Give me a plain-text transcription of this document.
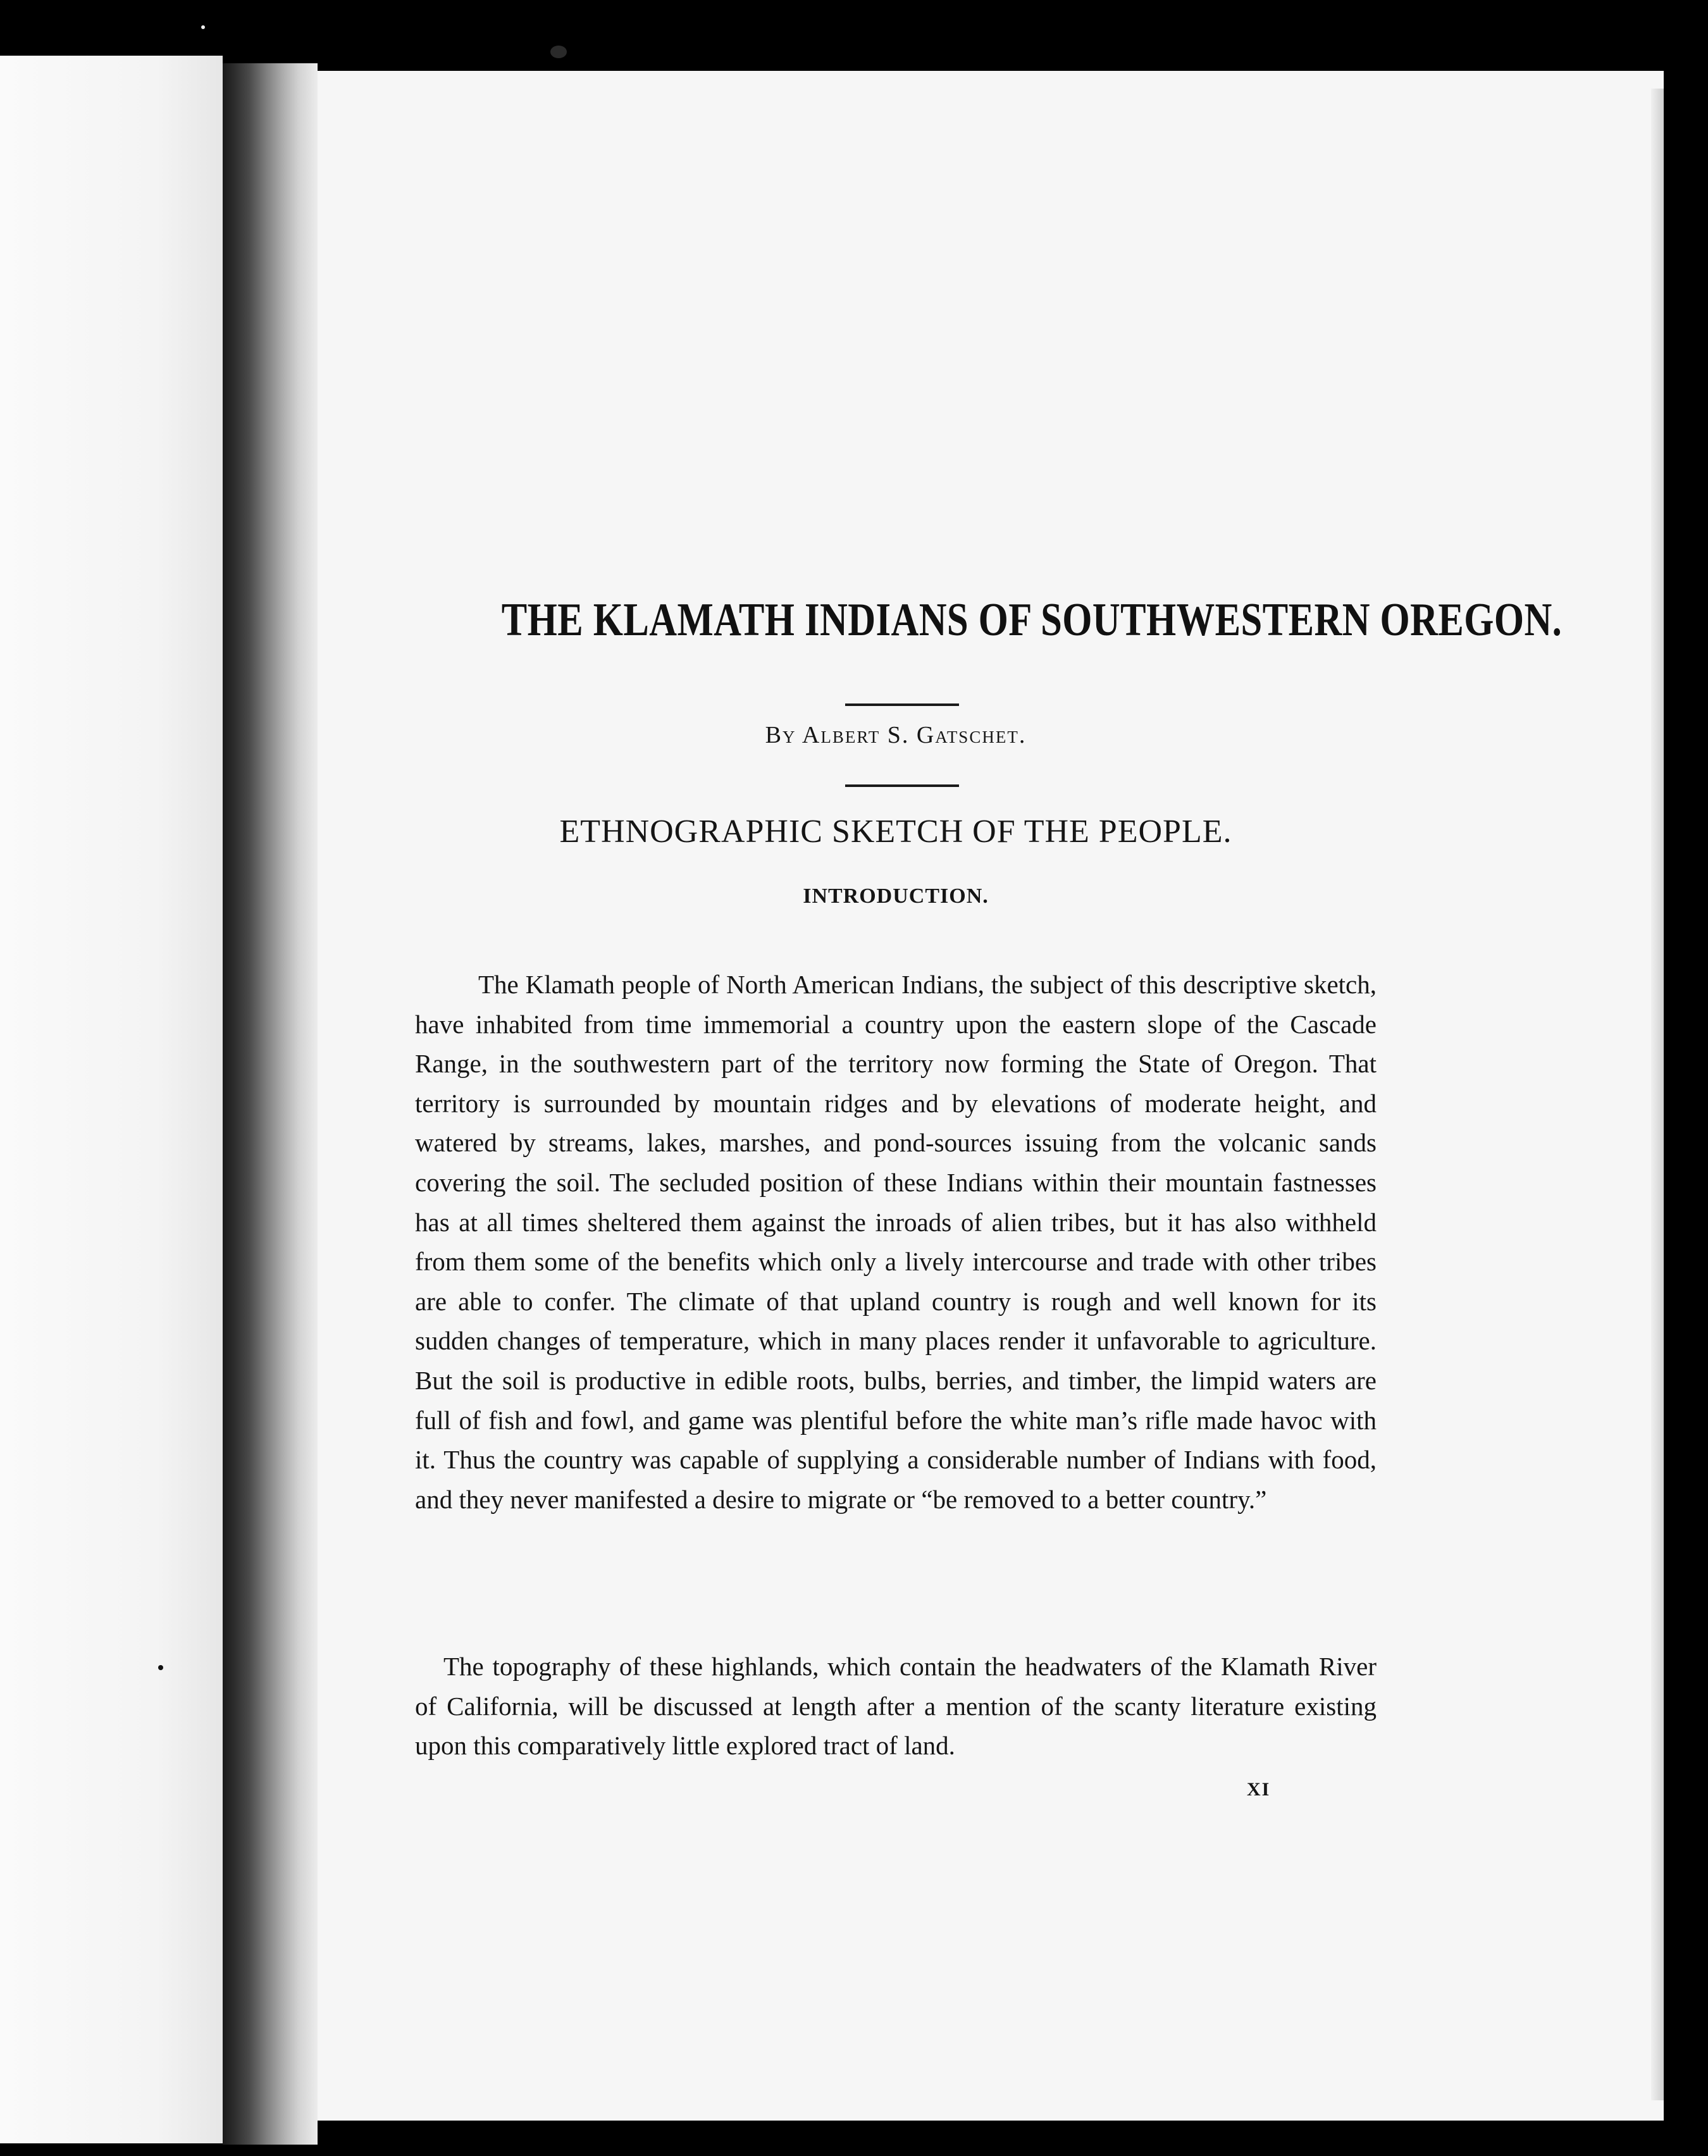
THE KLAMATH INDIANS OF SOUTHWESTERN OREGON.
By Albert S. Gatschet.
ETHNOGRAPHIC SKETCH OF THE PEOPLE.
INTRODUCTION.

The Klamath people of North American Indians, the subject of this descriptive sketch, have inhabited from time immemorial a country upon the eastern slope of the Cascade Range, in the southwestern part of the territory now forming the State of Oregon. That territory is surrounded by mountain ridges and by elevations of moderate height, and watered by streams, lakes, marshes, and pond-sources issuing from the volcanic sands covering the soil. The secluded position of these Indians within their mountain fastnesses has at all times sheltered them against the inroads of alien tribes, but it has also withheld from them some of the benefits which only a lively intercourse and trade with other tribes are able to confer. The climate of that upland country is rough and well known for its sudden changes of temperature, which in many places render it unfavorable to agriculture. But the soil is productive in edible roots, bulbs, berries, and timber, the limpid waters are full of fish and fowl, and game was plentiful before the white man’s rifle made havoc with it. Thus the country was capable of supplying a considerable number of Indians with food, and they never manifested a desire to migrate or “be removed to a better country.”

The topography of these highlands, which contain the headwaters of the Klamath River of California, will be discussed at length after a mention of the scanty literature existing upon this comparatively little explored tract of land.

XI
